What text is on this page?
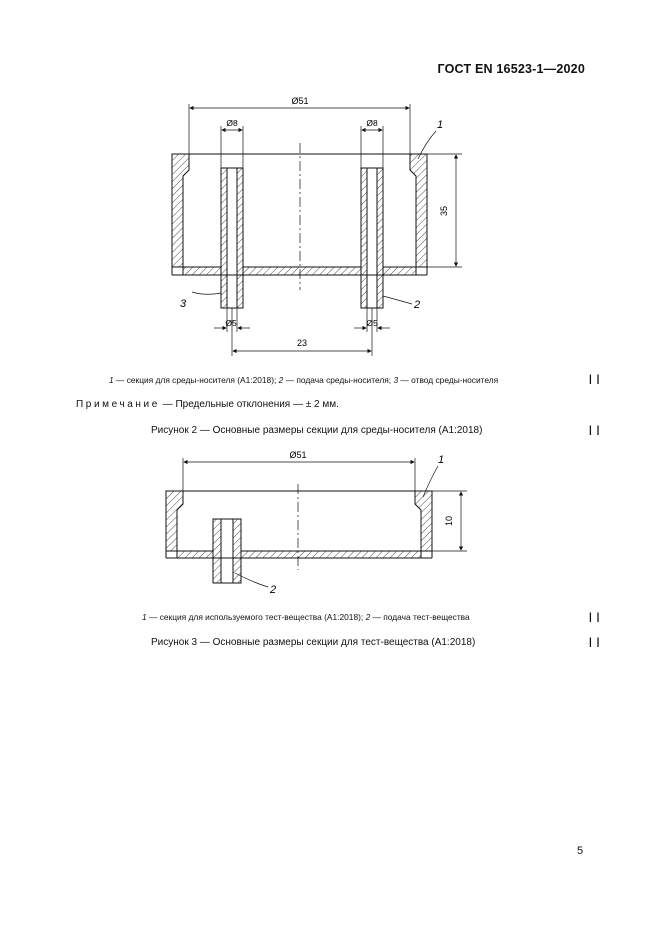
ГОСТ EN 16523-1—2020
Ø51
Ø8	Ø8
Ø5	Ø5
23
35
1
3	2
1 — секция для среды-носителя (A1:2018); 2 — подача среды-носителя; 3 — отвод среды-носителя	| |
Примечание — Предельные отклонения — ± 2 мм.
Рисунок 2 — Основные размеры секции для среды-носителя (A1:2018)	| |
Ø51
10
1
2
1 — секция для используемого тест-вещества (A1:2018); 2 — подача тест-вещества	| |
Рисунок 3 — Основные размеры секции для тест-вещества (A1:2018)	| |
5
